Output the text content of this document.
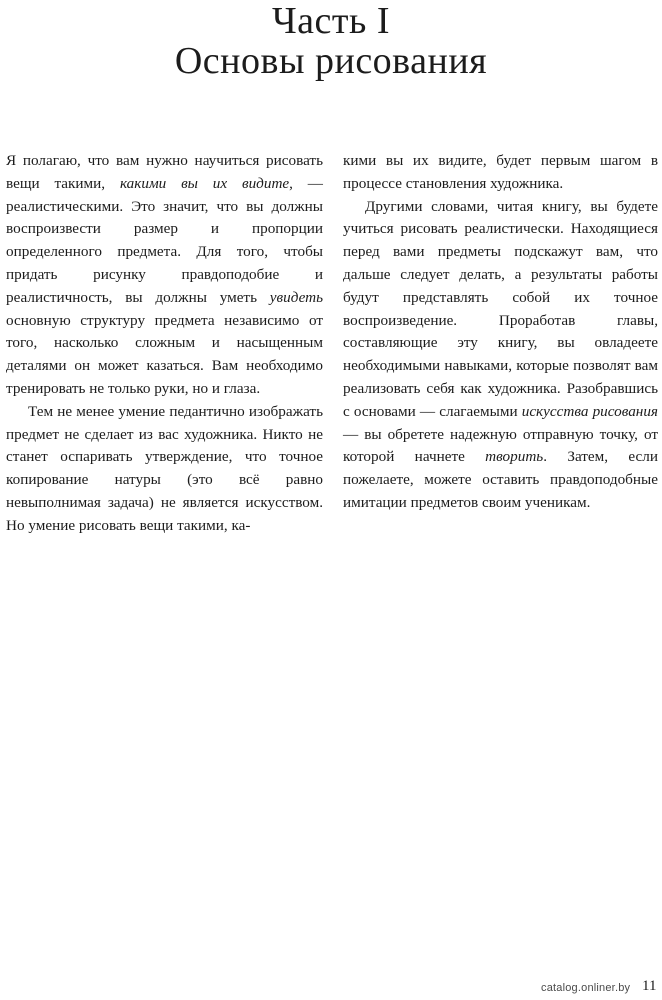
Часть I
Основы рисования

Я полагаю, что вам нужно научиться рисовать вещи такими, какими вы их видите, — реалистическими. Это значит, что вы должны воспроизвести размер и пропорции определенного предмета. Для того, чтобы придать рисунку правдоподобие и реалистичность, вы должны уметь увидеть основную структуру предмета независимо от того, насколько сложным и насыщенным деталями он может казаться. Вам необходимо тренировать не только руки, но и глаза.

Тем не менее умение педантично изображать предмет не сделает из вас художника. Никто не станет оспаривать утверждение, что точное копирование натуры (это всё равно невыполнимая задача) не является искусством. Но умение рисовать вещи такими, ка-

кими вы их видите, будет первым шагом в процессе становления художника.

Другими словами, читая книгу, вы будете учиться рисовать реалистически. Находящиеся перед вами предметы подскажут вам, что дальше следует делать, а результаты работы будут представлять собой их точное воспроизведение. Проработав главы, составляющие эту книгу, вы овладеете необходимыми навыками, которые позволят вам реализовать себя как художника. Разобравшись с основами — слагаемыми искусства рисования — вы обретете надежную отправную точку, от которой начнете творить. Затем, если пожелаете, можете оставить правдоподобные имитации предметов своим ученикам.

catalog.onliner.by 11
